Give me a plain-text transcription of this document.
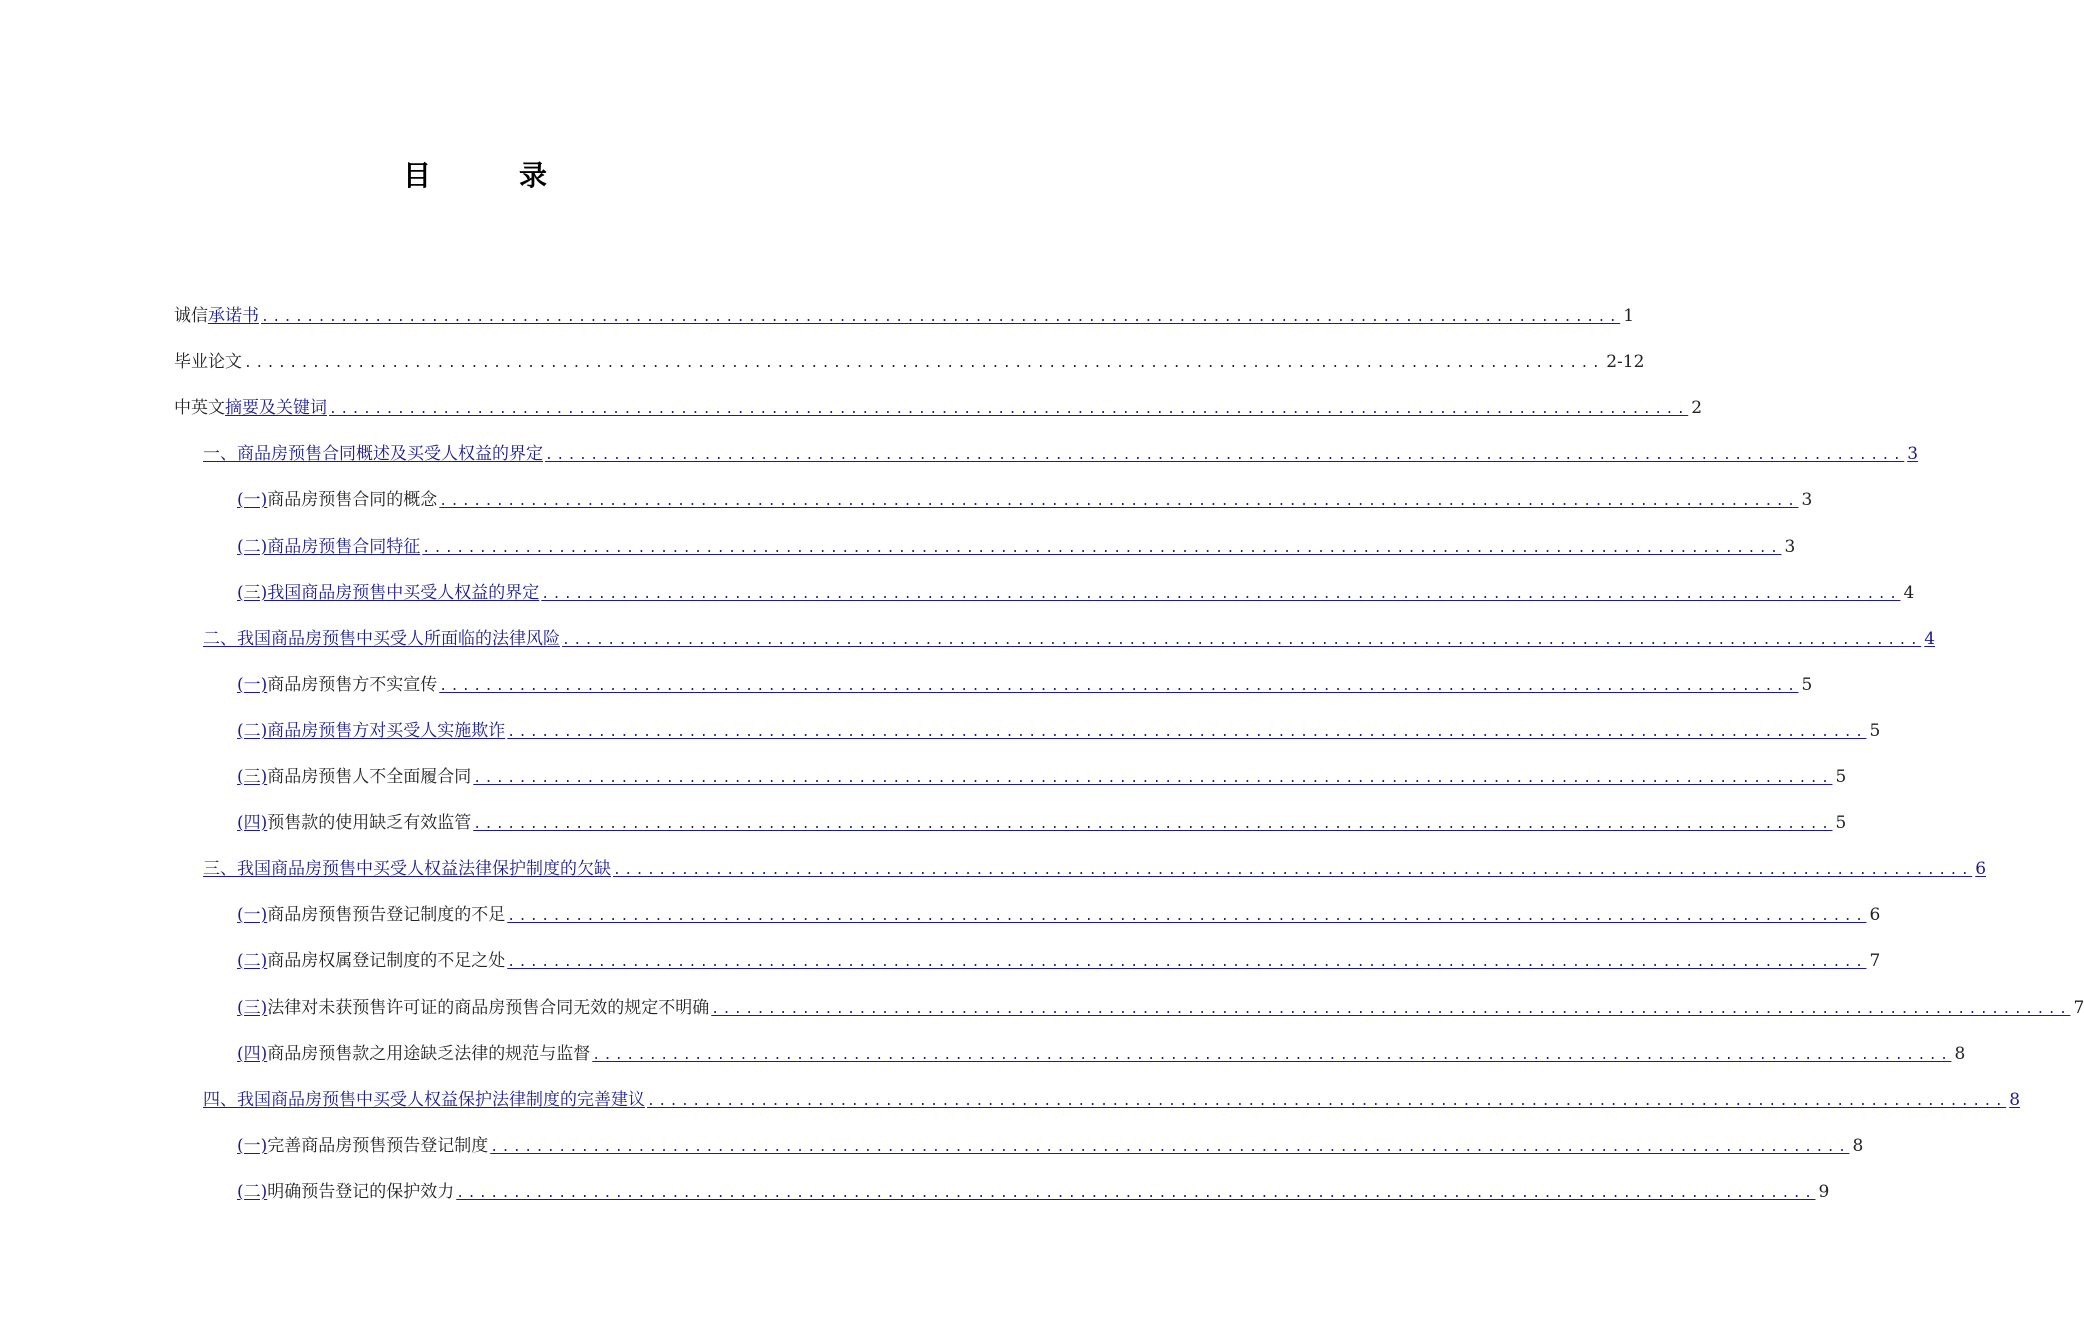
目　录
诚信 承诺书 ........................................................................................................................ 1
毕业论文 ........................................................................................................................ 2-12
中英文 摘要及关键词 ........................................................................................................................ 2
一、商品房预售合同概述及买受人权益的界定 ........................................................................................................................ 3
(一) 商品房预售合同的概念 ........................................................................................................................ 3
(二)商品房预售合同特征 ........................................................................................................................ 3
(三)我国商品房预售中买受人权益的界定 ........................................................................................................................ 4
二、我国商品房预售中买受人所面临的法律风险 ........................................................................................................................ 4
(一) 商品房预售方不实宣传 ........................................................................................................................ 5
(二)商品房预售方对买受人实施欺诈 ........................................................................................................................ 5
(三) 商品房预售人不全面履合同 ........................................................................................................................ 5
(四) 预售款的使用缺乏有效监管 ........................................................................................................................ 5
三、我国商品房预售中买受人权益法律保护制度的欠缺 ........................................................................................................................ 6
(一) 商品房预售预告登记制度的不足 ........................................................................................................................ 6
(二) 商品房权属登记制度的不足之处 ........................................................................................................................ 7
(三) 法律对未获预售许可证的商品房预售合同无效的规定不明确 ........................................................................................................................ 7
(四) 商品房预售款之用途缺乏法律的规范与监督 ........................................................................................................................ 8
四、我国商品房预售中买受人权益保护法律制度的完善建议 ........................................................................................................................ 8
(一) 完善商品房预售预告登记制度 ........................................................................................................................ 8
(二) 明确预告登记的保护效力 ........................................................................................................................ 9
